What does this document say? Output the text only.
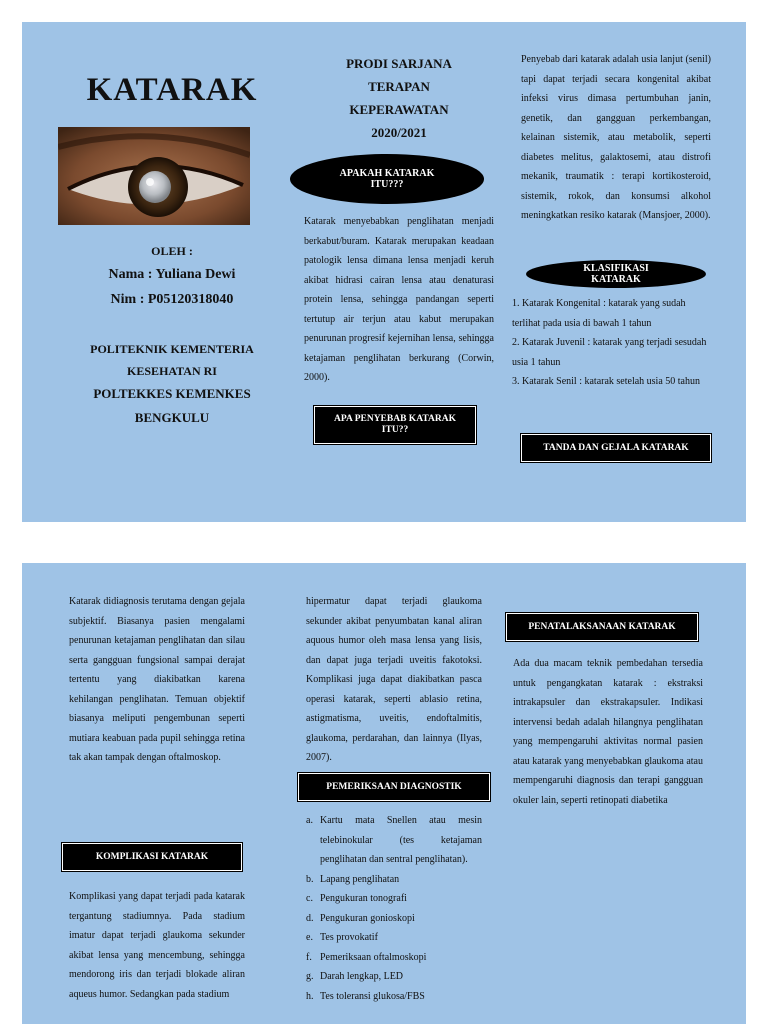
KATARAK
OLEH :
Nama : Yuliana Dewi
Nim : P05120318040
POLITEKNIK KEMENTERIA
KESEHATAN RI
POLTEKKES KEMENKES
BENGKULU
PRODI SARJANA
TERAPAN
KEPERAWATAN
2020/2021
APAKAH KATARAK ITU???
Katarak menyebabkan penglihatan menjadi berkabut/buram. Katarak merupakan keadaan patologik lensa dimana lensa menjadi keruh akibat hidrasi cairan lensa atau denaturasi protein lensa, sehingga pandangan seperti tertutup air terjun atau kabut merupakan penurunan progresif kejernihan lensa, sehingga ketajaman penglihatan berkurang (Corwin, 2000).
APA PENYEBAB KATARAK ITU??
Penyebab dari katarak adalah usia lanjut (senil) tapi dapat terjadi secara kongenital akibat infeksi virus dimasa pertumbuhan janin, genetik, dan gangguan perkembangan, kelainan sistemik, atau metabolik, seperti diabetes melitus, galaktosemi, atau distrofi mekanik, traumatik : terapi kortikosteroid, sistemik, rokok, dan konsumsi alkohol meningkatkan resiko katarak (Mansjoer, 2000).
KLASIFIKASI KATARAK
1. Katarak Kongenital : katarak yang sudah terlihat pada usia di bawah 1 tahun
2. Katarak Juvenil : katarak yang terjadi sesudah usia 1 tahun
3. Katarak Senil : katarak setelah usia 50 tahun
TANDA DAN GEJALA KATARAK
Katarak didiagnosis terutama dengan gejala subjektif. Biasanya pasien mengalami penurunan ketajaman penglihatan dan silau serta gangguan fungsional sampai derajat tertentu yang diakibatkan karena kehilangan penglihatan. Temuan objektif biasanya meliputi pengembunan seperti mutiara keabuan pada pupil sehingga retina tak akan tampak dengan oftalmoskop.
KOMPLIKASI KATARAK
Komplikasi yang dapat terjadi pada katarak tergantung stadiumnya. Pada stadium imatur dapat terjadi glaukoma sekunder akibat lensa yang mencembung, sehingga mendorong iris dan terjadi blokade aliran aqueus humor. Sedangkan pada stadium
hipermatur dapat terjadi glaukoma sekunder akibat penyumbatan kanal aliran aquous humor oleh masa lensa yang lisis, dan dapat juga terjadi uveitis fakotoksi. Komplikasi juga dapat diakibatkan pasca operasi katarak, seperti ablasio retina, astigmatisma, uveitis, endoftalmitis, glaukoma, perdarahan, dan lainnya (Ilyas, 2007).
PEMERIKSAAN DIAGNOSTIK
a. Kartu mata Snellen atau mesin telebinokular (tes ketajaman penglihatan dan sentral penglihatan).
b. Lapang penglihatan
c. Pengukuran tonografi
d. Pengukuran gonioskopi
e. Tes provokatif
f. Pemeriksaan oftalmoskopi
g. Darah lengkap, LED
h. Tes toleransi glukosa/FBS
PENATALAKSANAAN KATARAK
Ada dua macam teknik pembedahan tersedia untuk pengangkatan katarak : ekstraksi intrakapsuler dan ekstrakapsuler. Indikasi intervensi bedah adalah hilangnya penglihatan yang mempengaruhi aktivitas normal pasien atau katarak yang menyebabkan glaukoma atau mempengaruhi diagnosis dan terapi gangguan okuler lain, seperti retinopati diabetika
